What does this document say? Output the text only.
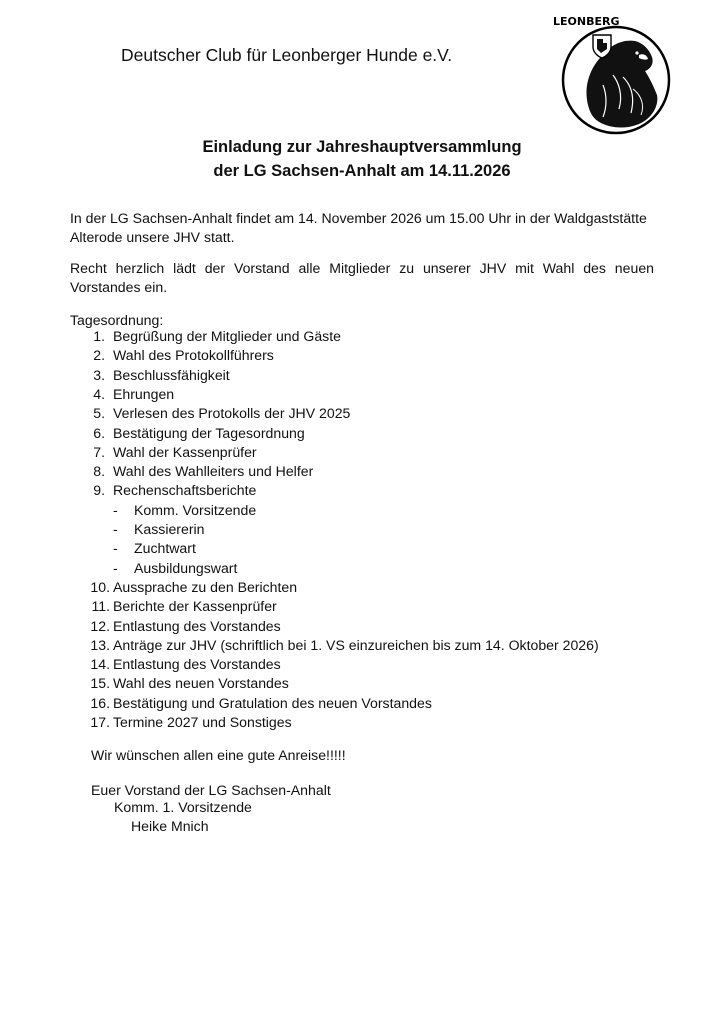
Deutscher Club für Leonberger Hunde e.V.
LEONBERG
Einladung zur Jahreshauptversammlung
der LG Sachsen-Anhalt am 14.11.2026
In der LG Sachsen-Anhalt findet am 14. November 2026 um 15.00 Uhr in der Waldgaststätte Alterode unsere JHV statt.
Recht herzlich lädt der Vorstand alle Mitglieder zu unserer JHV mit Wahl des neuen Vorstandes ein.
Tagesordnung:
1. Begrüßung der Mitglieder und Gäste
2. Wahl des Protokollführers
3. Beschlussfähigkeit
4. Ehrungen
5. Verlesen des Protokolls der JHV 2025
6. Bestätigung der Tagesordnung
7. Wahl der Kassenprüfer
8. Wahl des Wahlleiters und Helfer
9. Rechenschaftsberichte
- Komm. Vorsitzende
- Kassiererin
- Zuchtwart
- Ausbildungswart
10. Aussprache zu den Berichten
11. Berichte der Kassenprüfer
12. Entlastung des Vorstandes
13. Anträge zur JHV (schriftlich bei 1. VS einzureichen bis zum 14. Oktober 2026)
14. Entlastung des Vorstandes
15. Wahl des neuen Vorstandes
16. Bestätigung und Gratulation des neuen Vorstandes
17. Termine 2027 und Sonstiges
Wir wünschen allen eine gute Anreise!!!!!
Euer Vorstand der LG Sachsen-Anhalt
Komm. 1. Vorsitzende
Heike Mnich
